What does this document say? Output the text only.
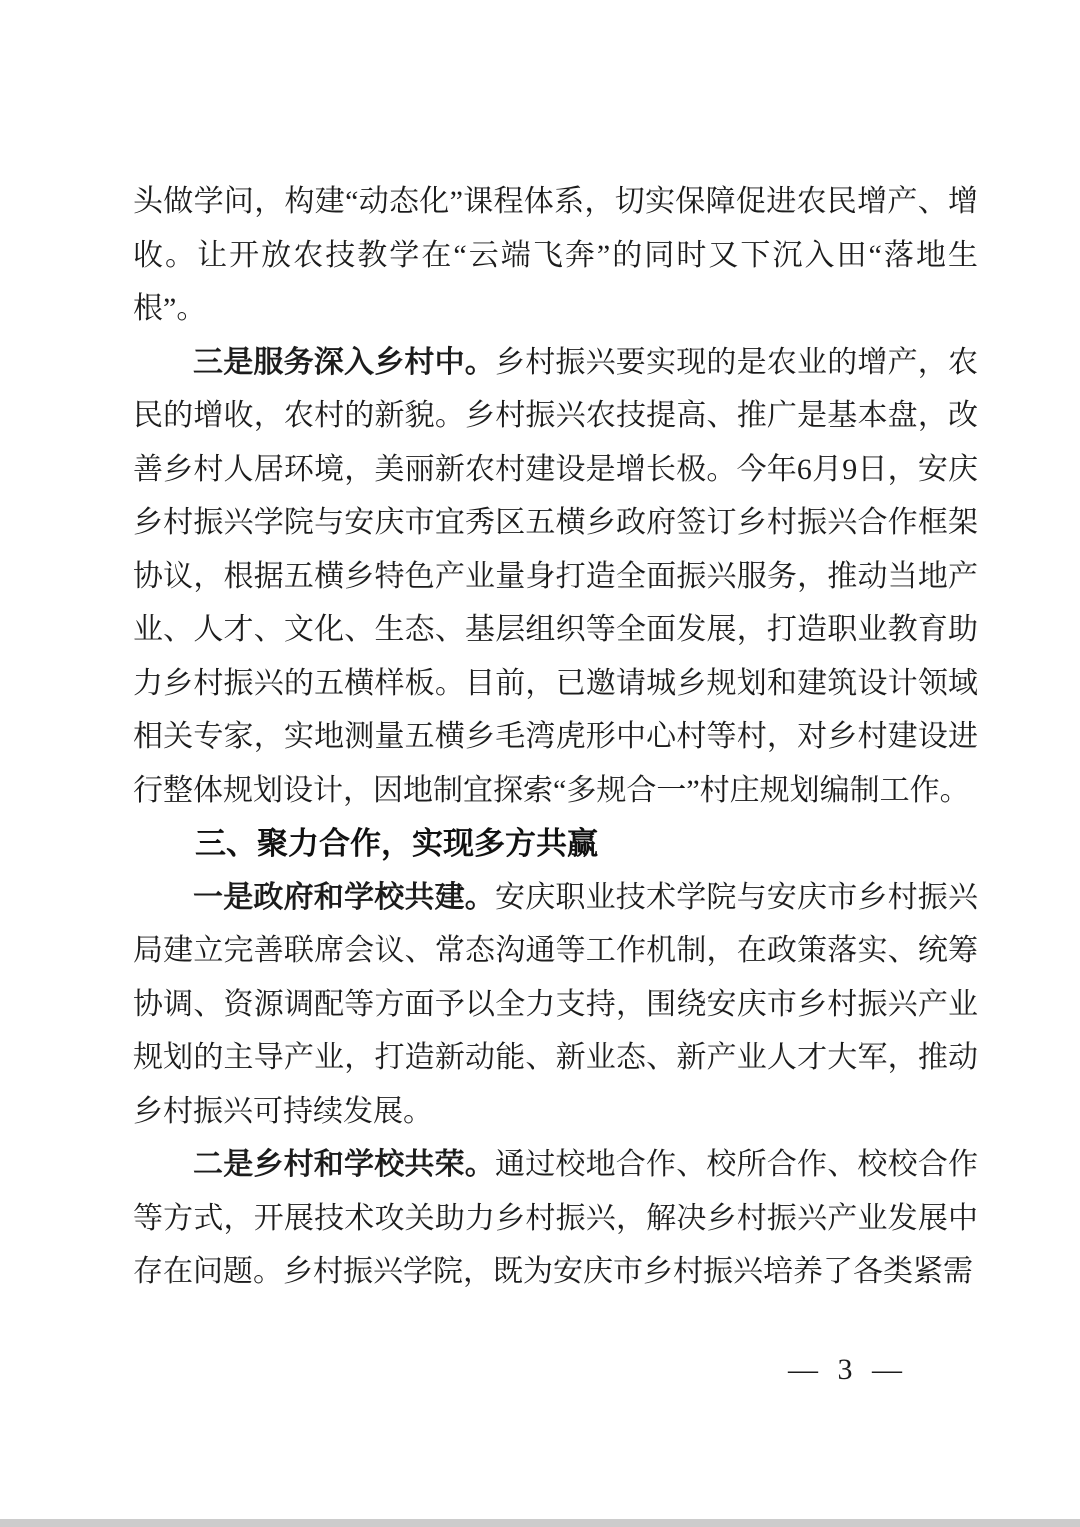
头做学问，构建“动态化”课程体系，切实保障促进农民增产、增收。让开放农技教学在“云端飞奔”的同时又下沉入田“落地生根”。

三是服务深入乡村中。乡村振兴要实现的是农业的增产，农民的增收，农村的新貌。乡村振兴农技提高、推广是基本盘，改善乡村人居环境，美丽新农村建设是增长极。今年6月9日，安庆乡村振兴学院与安庆市宜秀区五横乡政府签订乡村振兴合作框架协议，根据五横乡特色产业量身打造全面振兴服务，推动当地产业、人才、文化、生态、基层组织等全面发展，打造职业教育助力乡村振兴的五横样板。目前，已邀请城乡规划和建筑设计领域相关专家，实地测量五横乡毛湾虎形中心村等村，对乡村建设进行整体规划设计，因地制宜探索“多规合一”村庄规划编制工作。

三、聚力合作，实现多方共赢

一是政府和学校共建。安庆职业技术学院与安庆市乡村振兴局建立完善联席会议、常态沟通等工作机制，在政策落实、统筹协调、资源调配等方面予以全力支持，围绕安庆市乡村振兴产业规划的主导产业，打造新动能、新业态、新产业人才大军，推动乡村振兴可持续发展。

二是乡村和学校共荣。通过校地合作、校所合作、校校合作等方式，开展技术攻关助力乡村振兴，解决乡村振兴产业发展中存在问题。乡村振兴学院，既为安庆市乡村振兴培养了各类紧需

— 3 —
